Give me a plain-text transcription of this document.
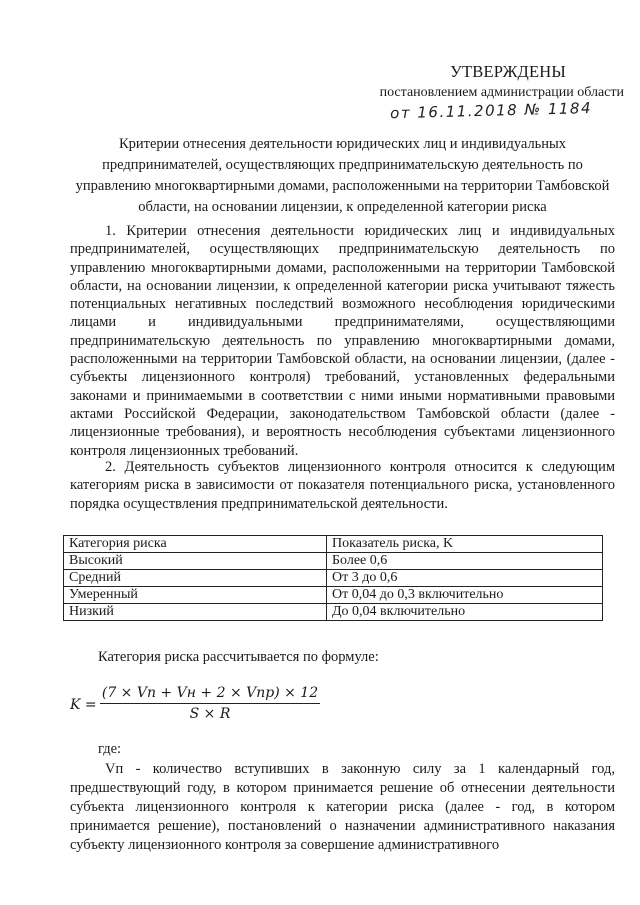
УТВЕРЖДЕНЫ
постановлением администрации области
от 16.11.2018 № 1184
Критерии отнесения деятельности юридических лиц и индивидуальных предпринимателей, осуществляющих предпринимательскую деятельность по управлению многоквартирными домами, расположенными на территории Тамбовской области, на основании лицензии, к определенной категории риска
1. Критерии отнесения деятельности юридических лиц и индивидуальных предпринимателей, осуществляющих предпринимательскую деятельность по управлению многоквартирными домами, расположенными на территории Тамбовской области, на основании лицензии, к определенной категории риска учитывают тяжесть потенциальных негативных последствий возможного несоблюдения юридическими лицами и индивидуальными предпринимателями, осуществляющими предпринимательскую деятельность по управлению многоквартирными домами, расположенными на территории Тамбовской области, на основании лицензии, (далее - субъекты лицензионного контроля) требований, установленных федеральными законами и принимаемыми в соответствии с ними иными нормативными правовыми актами Российской Федерации, законодательством Тамбовской области (далее - лицензионные требования), и вероятность несоблюдения субъектами лицензионного контроля лицензионных требований.
2. Деятельность субъектов лицензионного контроля относится к следующим категориям риска в зависимости от показателя потенциального риска, установленного порядка осуществления предпринимательской деятельности.
Категория риска	Показатель риска, K
Высокий	Более 0,6
Средний	От 3 до 0,6
Умеренный	От 0,04 до 0,3 включительно
Низкий	До 0,04 включительно
Категория риска рассчитывается по формуле:
K =
(7 × Vп + Vн + 2 × Vпр) × 12
S × R
где:
Vп - количество вступивших в законную силу за 1 календарный год, предшествующий году, в котором принимается решение об отнесении деятельности субъекта лицензионного контроля к категории риска (далее - год, в котором принимается решение), постановлений о назначении административного наказания субъекту лицензионного контроля за совершение административного
